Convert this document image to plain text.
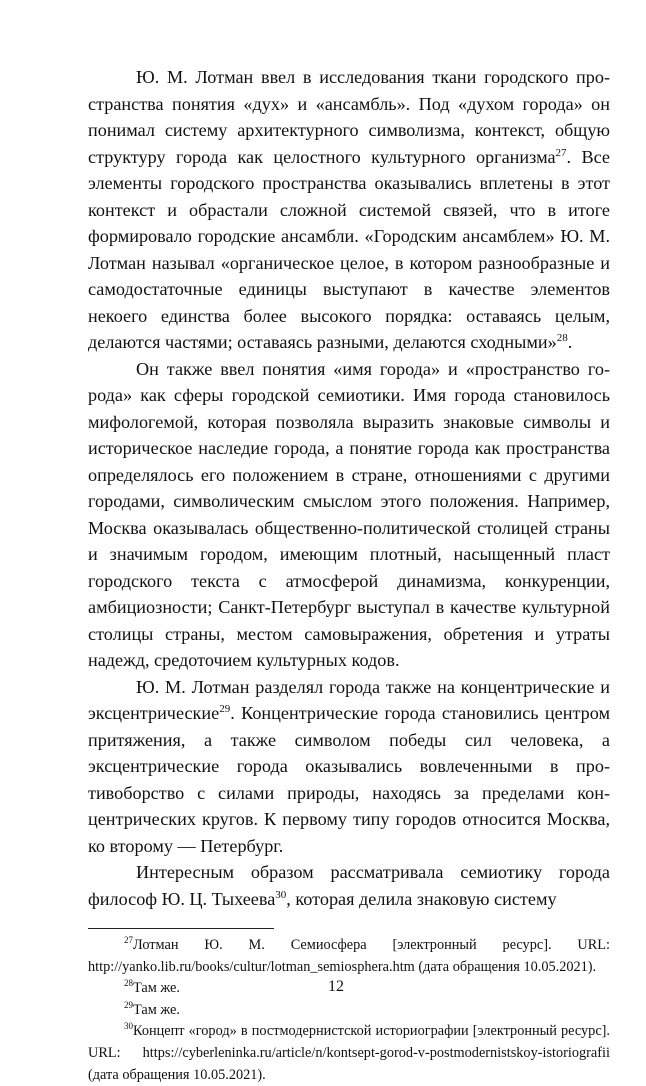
Ю. М. Лотман ввел в исследования ткани городского пространства понятия «дух» и «ансамбль». Под «духом города» он понимал систему архитектурного символизма, контекст, общую структуру города как целостного культурного организма$^{27}$. Все элементы городского пространства оказывались вплетены в этот контекст и обрастали сложной системой связей, что в итоге формировало городские ансамбли. «Городским ансамблем» Ю. М. Лотман называл «органическое целое, в котором разнообразные и самодостаточные единицы выступают в качестве элементов некоего единства более высокого порядка: оставаясь целым, делаются частями; оставаясь разными, делаются сходными»$^{28}$.

Он также ввел понятия «имя города» и «пространство города» как сферы городской семиотики. Имя города становилось мифологемой, которая позволяла выразить знаковые символы и историческое наследие города, а понятие города как пространства определялось его положением в стране, отношениями с другими городами, символическим смыслом этого положения. Например, Москва оказывалась общественно-политической столицей страны и значимым городом, имеющим плотный, насыщенный пласт городского текста с атмосферой динамизма, конкуренции, амбициозности; Санкт-Петербург выступал в качестве культурной столицы страны, местом самовыражения, обретения и утраты надежд, средоточием культурных кодов.

Ю. М. Лотман разделял города также на концентрические и эксцентрические$^{29}$. Концентрические города становились центром притяжения, а также символом победы сил человека, а эксцентрические города оказывались вовлеченными в противоборство с силами природы, находясь за пределами концентрических кругов. К первому типу городов относится Москва, ко второму — Петербург.

Интересным образом рассматривала семиотику города философ Ю. Ц. Тыхеева$^{30}$, которая делила знаковую систему

$^{27}$Лотман Ю. М. Семиосфера [электронный ресурс]. URL: http://yanko.lib.ru/books/cultur/lotman_semiosphera.htm (дата обращения 10.05.2021).

$^{28}$Там же.

$^{29}$Там же.

$^{30}$Концепт «город» в постмодернистской историографии [электронный ресурс]. URL: https://cyberleninka.ru/article/n/kontsept-gorod-v-postmodernistskoy-istoriografii (дата обращения 10.05.2021).

12
